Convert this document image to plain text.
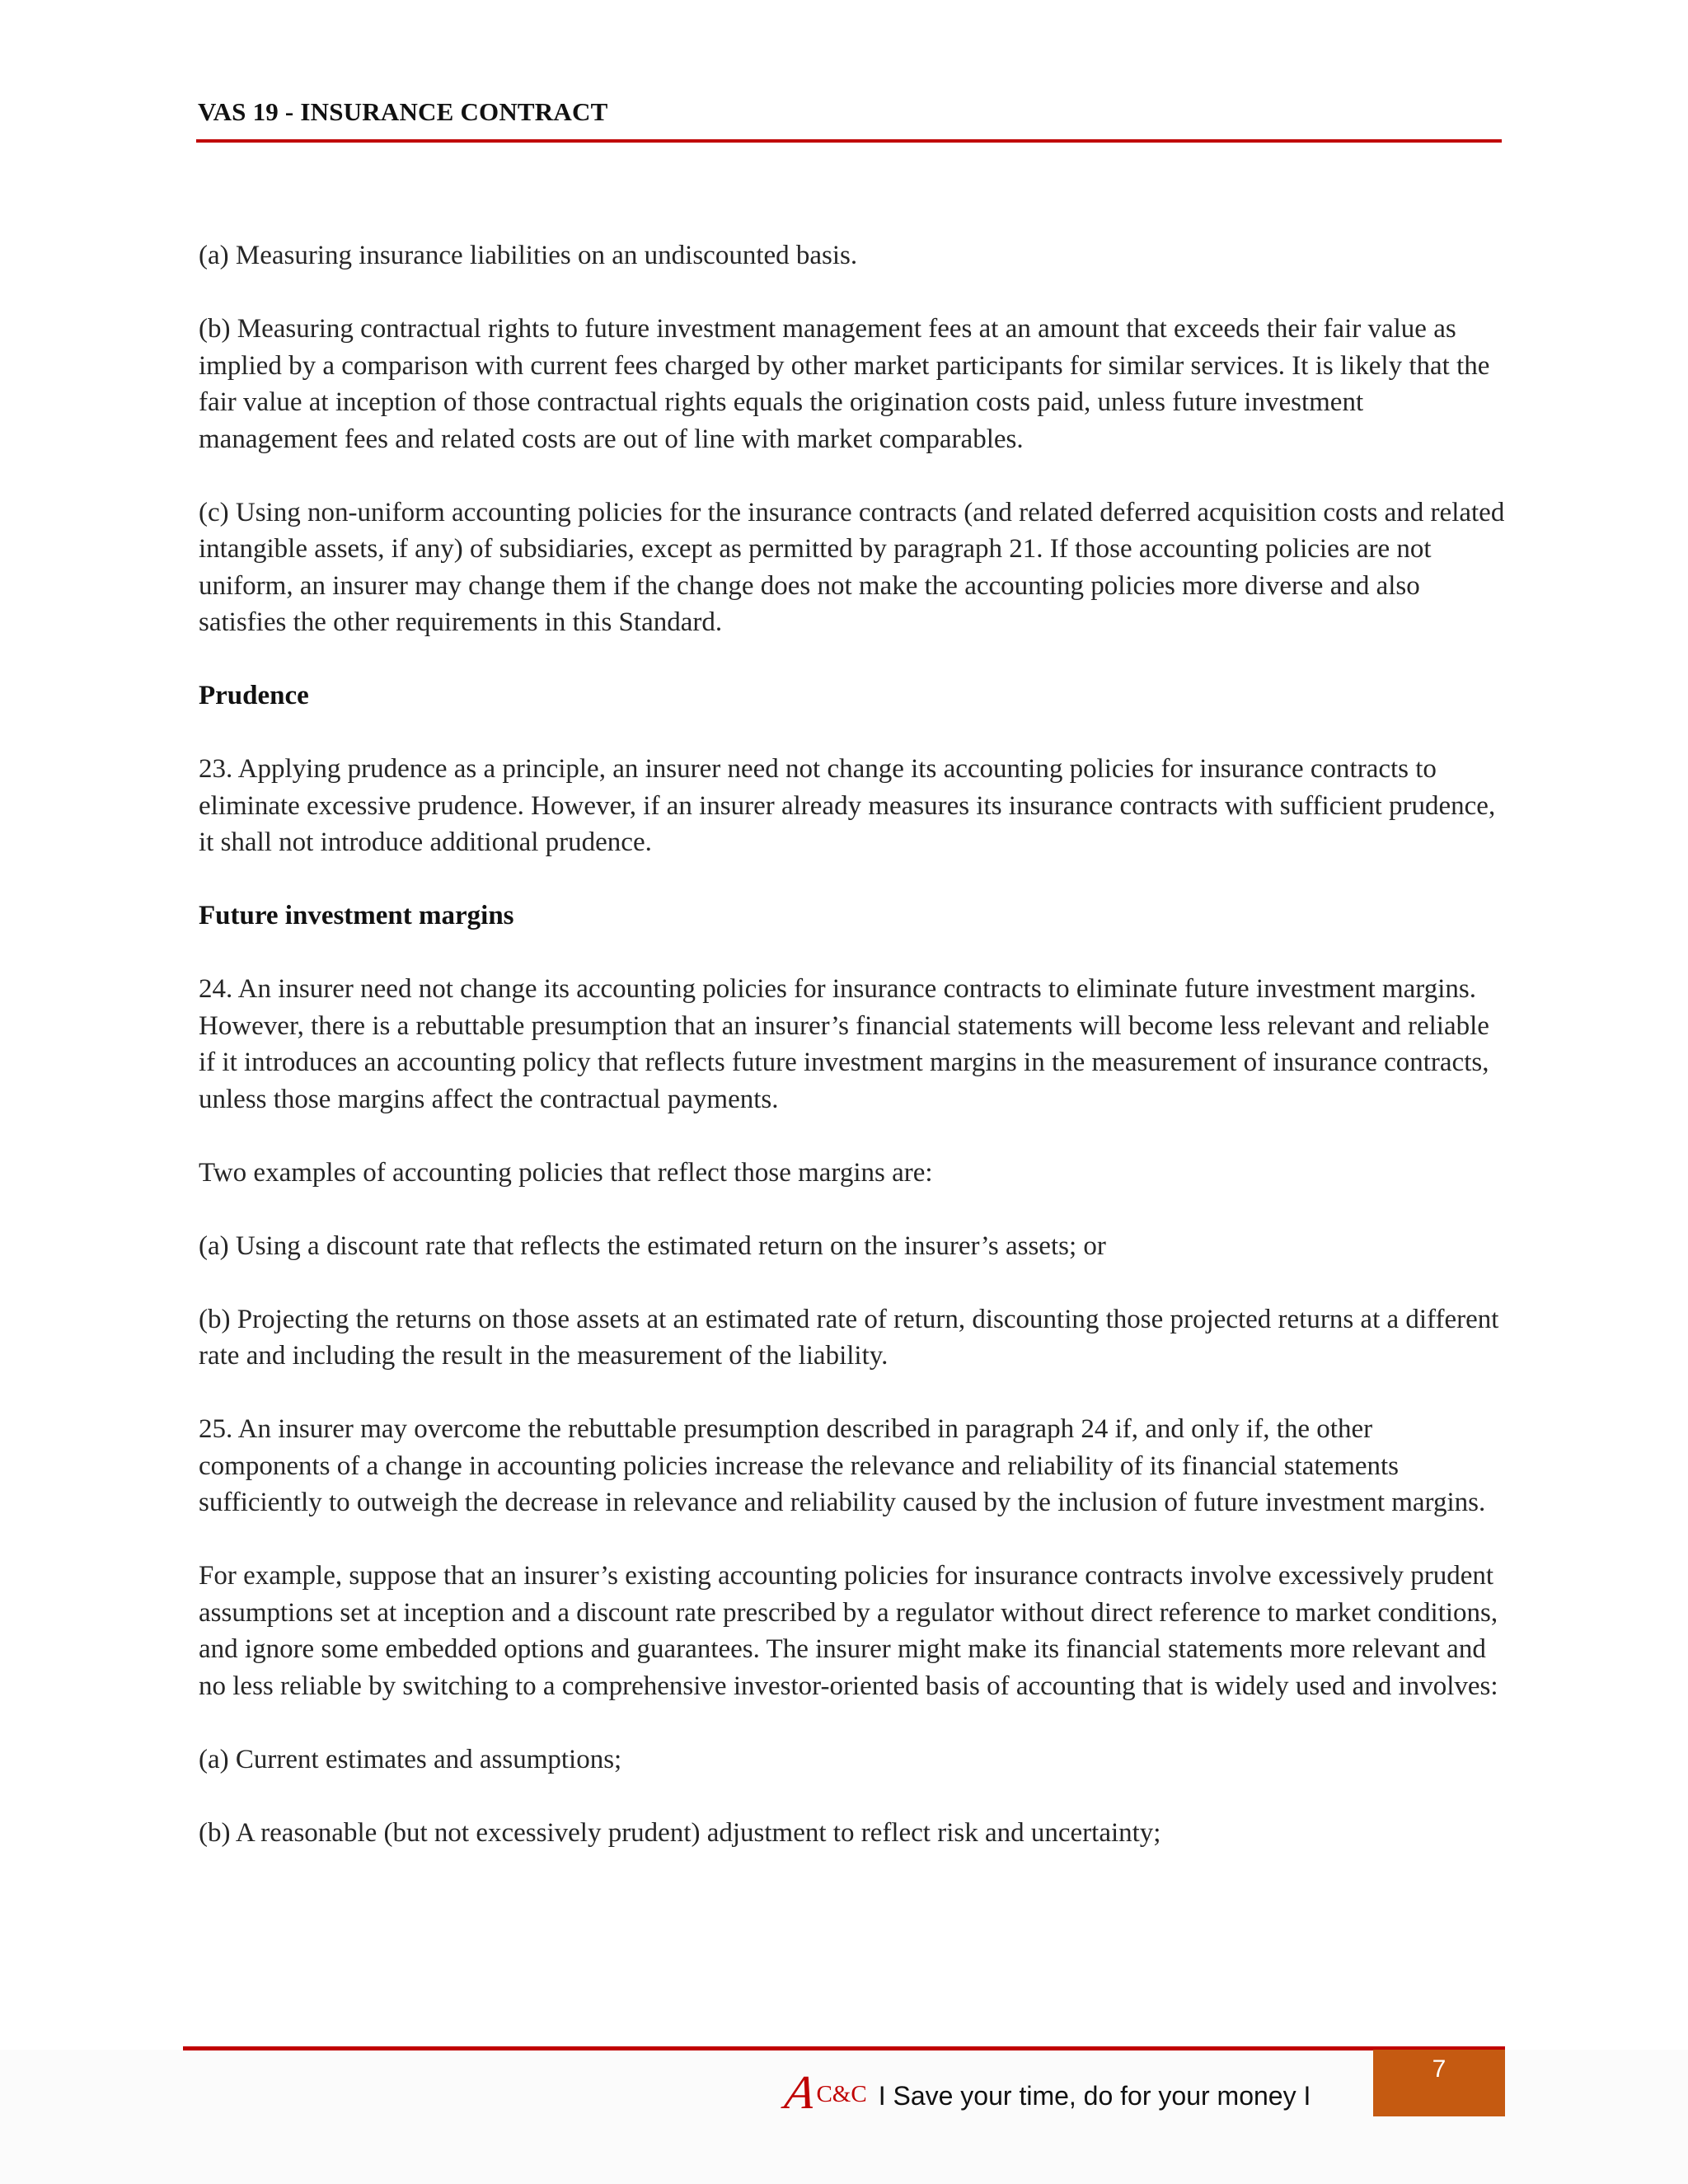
VAS 19 - INSURANCE CONTRACT

(a) Measuring insurance liabilities on an undiscounted basis.

(b) Measuring contractual rights to future investment management fees at an amount that exceeds their fair value as implied by a comparison with current fees charged by other market participants for similar services. It is likely that the fair value at inception of those contractual rights equals the origination costs paid, unless future investment management fees and related costs are out of line with market comparables.

(c) Using non-uniform accounting policies for the insurance contracts (and related deferred acquisition costs and related intangible assets, if any) of subsidiaries, except as permitted by paragraph 21. If those accounting policies are not uniform, an insurer may change them if the change does not make the accounting policies more diverse and also satisfies the other requirements in this Standard.

Prudence

23. Applying prudence as a principle, an insurer need not change its accounting policies for insurance contracts to eliminate excessive prudence. However, if an insurer already measures its insurance contracts with sufficient prudence, it shall not introduce additional prudence.

Future investment margins

24. An insurer need not change its accounting policies for insurance contracts to eliminate future investment margins. However, there is a rebuttable presumption that an insurer’s financial statements will become less relevant and reliable if it introduces an accounting policy that reflects future investment margins in the measurement of insurance contracts, unless those margins affect the contractual payments.

Two examples of accounting policies that reflect those margins are:

(a) Using a discount rate that reflects the estimated return on the insurer’s assets; or

(b) Projecting the returns on those assets at an estimated rate of return, discounting those projected returns at a different rate and including the result in the measurement of the liability.

25. An insurer may overcome the rebuttable presumption described in paragraph 24 if, and only if, the other components of a change in accounting policies increase the relevance and reliability of its financial statements sufficiently to outweigh the decrease in relevance and reliability caused by the inclusion of future investment margins.

For example, suppose that an insurer’s existing accounting policies for insurance contracts involve excessively prudent assumptions set at inception and a discount rate prescribed by a regulator without direct reference to market conditions, and ignore some embedded options and guarantees. The insurer might make its financial statements more relevant and no less reliable by switching to a comprehensive investor-oriented basis of accounting that is widely used and involves:

(a) Current estimates and assumptions;

(b) A reasonable (but not excessively prudent) adjustment to reflect risk and uncertainty;

A
C&C I Save your time, do for your money I
7
